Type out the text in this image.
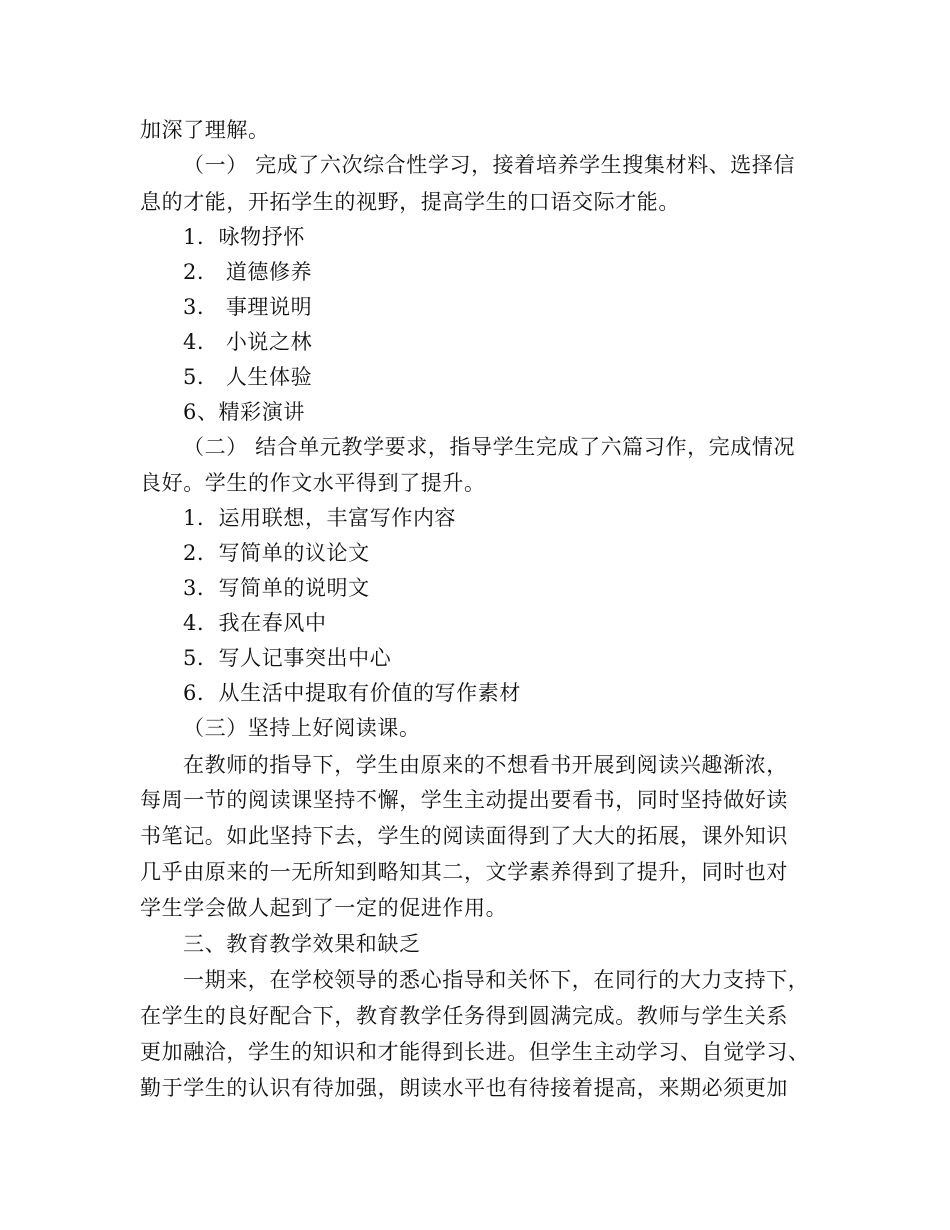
加深了理解。
（一） 完成了六次综合性学习，接着培养学生搜集材料、选择信
息的才能，开拓学生的视野，提高学生的口语交际才能。
1．咏物抒怀
2． 道德修养
3． 事理说明
4． 小说之林
5． 人生体验
6、精彩演讲
（二） 结合单元教学要求，指导学生完成了六篇习作，完成情况
良好。学生的作文水平得到了提升。
1．运用联想，丰富写作内容
2．写简单的议论文
3．写简单的说明文
4．我在春风中
5．写人记事突出中心
6．从生活中提取有价值的写作素材
（三）坚持上好阅读课。
在教师的指导下，学生由原来的不想看书开展到阅读兴趣渐浓，
每周一节的阅读课坚持不懈，学生主动提出要看书，同时坚持做好读
书笔记。如此坚持下去，学生的阅读面得到了大大的拓展，课外知识
几乎由原来的一无所知到略知其二，文学素养得到了提升，同时也对
学生学会做人起到了一定的促进作用。
三、教育教学效果和缺乏
一期来，在学校领导的悉心指导和关怀下，在同行的大力支持下，
在学生的良好配合下，教育教学任务得到圆满完成。教师与学生关系
更加融洽，学生的知识和才能得到长进。但学生主动学习、自觉学习、
勤于学生的认识有待加强，朗读水平也有待接着提高，来期必须更加
